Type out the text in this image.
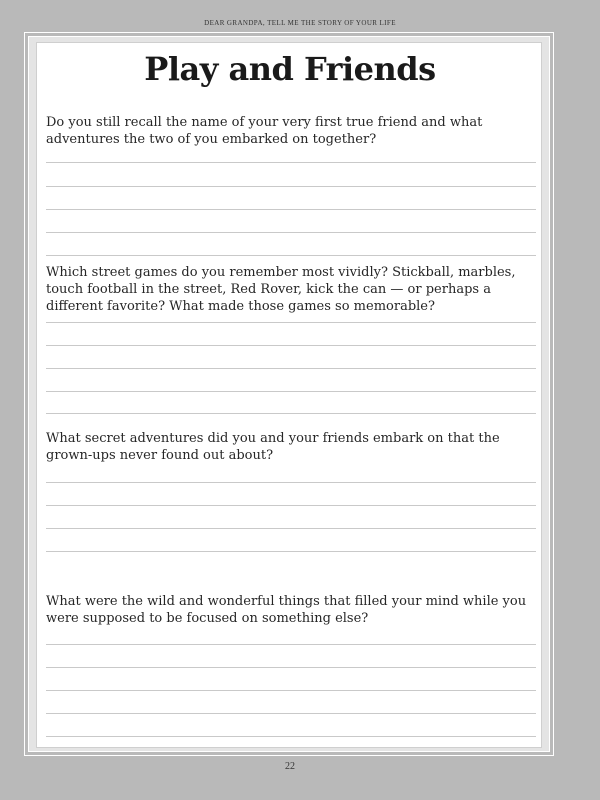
DEAR GRANDPA, TELL ME THE STORY OF YOUR LIFE
Play and Friends

Do you still recall the name of your very first true friend and what adventures the two of you embarked on together?

Which street games do you remember most vividly? Stickball, marbles, touch football in the street, Red Rover, kick the can — or perhaps a different favorite? What made those games so memorable?

What secret adventures did you and your friends embark on that the grown-ups never found out about?

What were the wild and wonderful things that filled your mind while you were supposed to be focused on something else?

22
